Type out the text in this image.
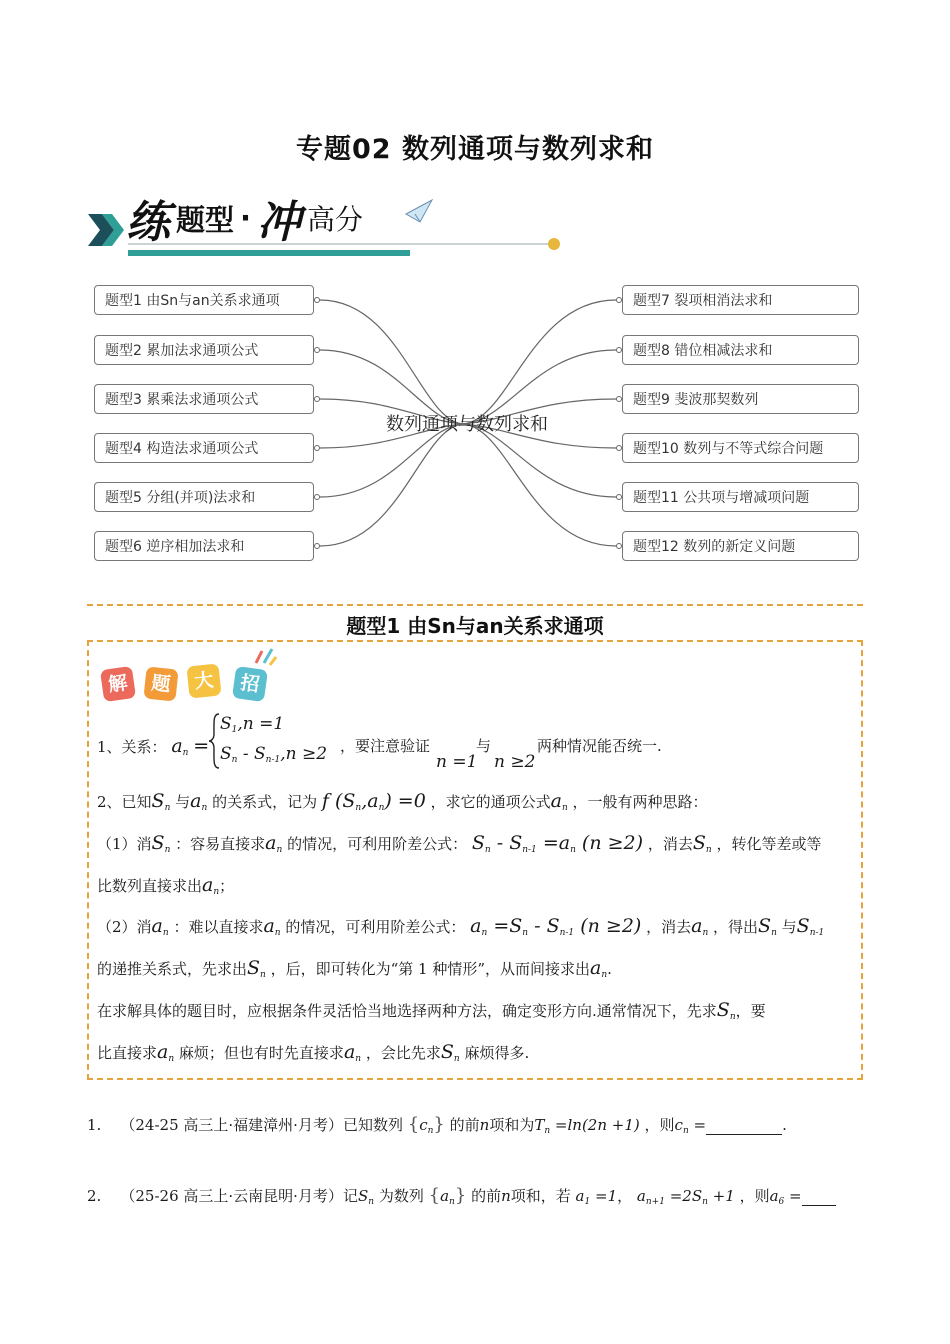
专题02 数列通项与数列求和
练 题型 · 冲 高分
数列通项与数列求和
题型1 由Sn与an关系求通项
题型2 累加法求通项公式
题型3 累乘法求通项公式
题型4 构造法求通项公式
题型5 分组(并项)法求和
题型6 逆序相加法求和
题型7 裂项相消法求和
题型8 错位相减法求和
题型9 斐波那契数列
题型10 数列与不等式综合问题
题型11 公共项与增减项问题
题型12 数列的新定义问题
题型1 由Sn与an关系求通项
解	题	大	招
1、关系： $a_n$ =
$S_1,n =1$
$S_n - S_{n-1},n \ge 2$ ，要注意验证
n =1
与
n ≥2
两种情况能否统一.
2、已知$S_n$ 与$a_n$ 的关系式，记为 f $(S_n,a_n) =0$ ，求它的通项公式$a_n$ ，一般有两种思路：
（1）消$S_n$ ：容易直接求$a_n$ 的情况，可利用阶差公式： $S_n - S_{n-1} =a_n$ (n ≥2) ，消去$S_n$ ，转化等差或等
比数列直接求出$a_n$；
（2）消$a_n$ ：难以直接求$a_n$ 的情况，可利用阶差公式： $a_n =S_n - S_{n-1}$ (n ≥2) ，消去$a_n$ ，得出$S_n$ 与$S_{n-1}$
的递推关系式，先求出$S_n$ ，后，即可转化为“第 1 种情形”，从而间接求出$a_n$.
在求解具体的题目时，应根据条件灵活恰当地选择两种方法，确定变形方向.通常情况下，先求$S_n$，要
比直接求$a_n$ 麻烦；但也有时先直接求$a_n$ ，会比先求$S_n$ 麻烦得多.
1. （24-25 高三上·福建漳州·月考）已知数列 $\{c_n\}$ 的前n项和为$T_n =\ln(2n +1)$ ，则$c_n$ =	.
2. （25-26 高三上·云南昆明·月考）记$S_n$ 为数列 $\{a_n\}$ 的前n项和，若 $a_1 =1$， $a_{n+1} =2S_n +1$ ，则$a_6$ =
